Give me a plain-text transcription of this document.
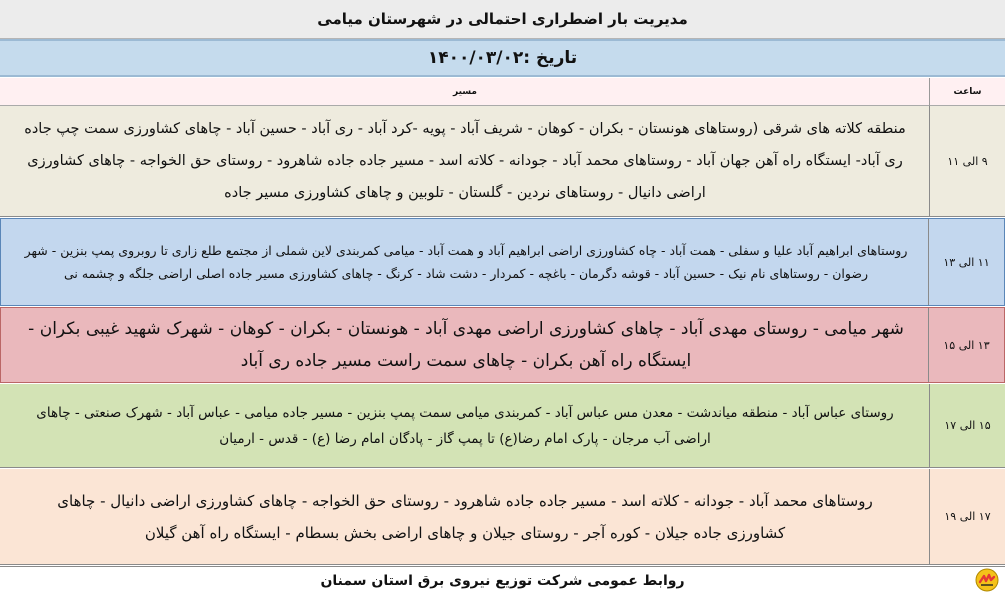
مدیریت بار اضطراری احتمالی در شهرستان میامی
تاریخ :۱۴۰۰/۰۳/۰۲
ساعت
مسیر
۹ الی ۱۱
منطقه کلاته های شرقی (روستاهای هونستان - بکران - کوهان - شریف آباد - پویه -کرد آباد - ری آباد - حسین آباد - چاهای کشاورزی سمت چپ جاده
ری آباد- ایستگاه راه آهن جهان آباد - روستاهای محمد آباد - جودانه - کلاته اسد - مسیر جاده جاده شاهرود - روستای حق الخواجه - چاهای کشاورزی
اراضی دانیال - روستاهای نردین - گلستان - تلوبین و چاهای کشاورزی مسیر جاده
۱۱ الی ۱۳
روستاهای ابراهیم آباد علیا و سفلی - همت آباد - چاه کشاورزی اراضی ابراهیم آباد و همت آباد - میامی کمربندی لاین شملی از مجتمع طلع زاری تا روبروی پمپ بنزین - شهر
رضوان - روستاهای نام نیک - حسین آباد - قوشه دگرمان - باغچه - کمردار - دشت شاد - کرنگ - چاهای کشاورزی مسیر جاده اصلی اراضی جلگه و چشمه نی
۱۳ الی ۱۵
شهر میامی - روستای مهدی آباد - چاهای کشاورزی اراضی مهدی آباد - هونستان - بکران - کوهان - شهرک شهید غیبی بکران -
ایستگاه راه آهن بکران - چاهای سمت راست مسیر جاده ری آباد
۱۵ الی ۱۷
روستای عباس آباد - منطقه میاندشت - معدن مس عباس آباد - کمربندی میامی سمت پمپ بنزین - مسیر جاده میامی - عباس آباد - شهرک صنعتی - چاهای
اراضی آب مرجان - پارک امام رضا(ع) تا پمپ گاز - پادگان امام رضا (ع) - قدس - ارمیان
۱۷ الی ۱۹
روستاهای محمد آباد - جودانه - کلاته اسد - مسیر جاده جاده شاهرود - روستای حق الخواجه - چاهای کشاورزی اراضی دانیال - چاهای
کشاورزی جاده جیلان - کوره آجر - روستای جیلان و چاهای اراضی بخش بسطام - ایستگاه راه آهن گیلان
روابط عمومی شرکت توزیع نیروی برق استان سمنان
